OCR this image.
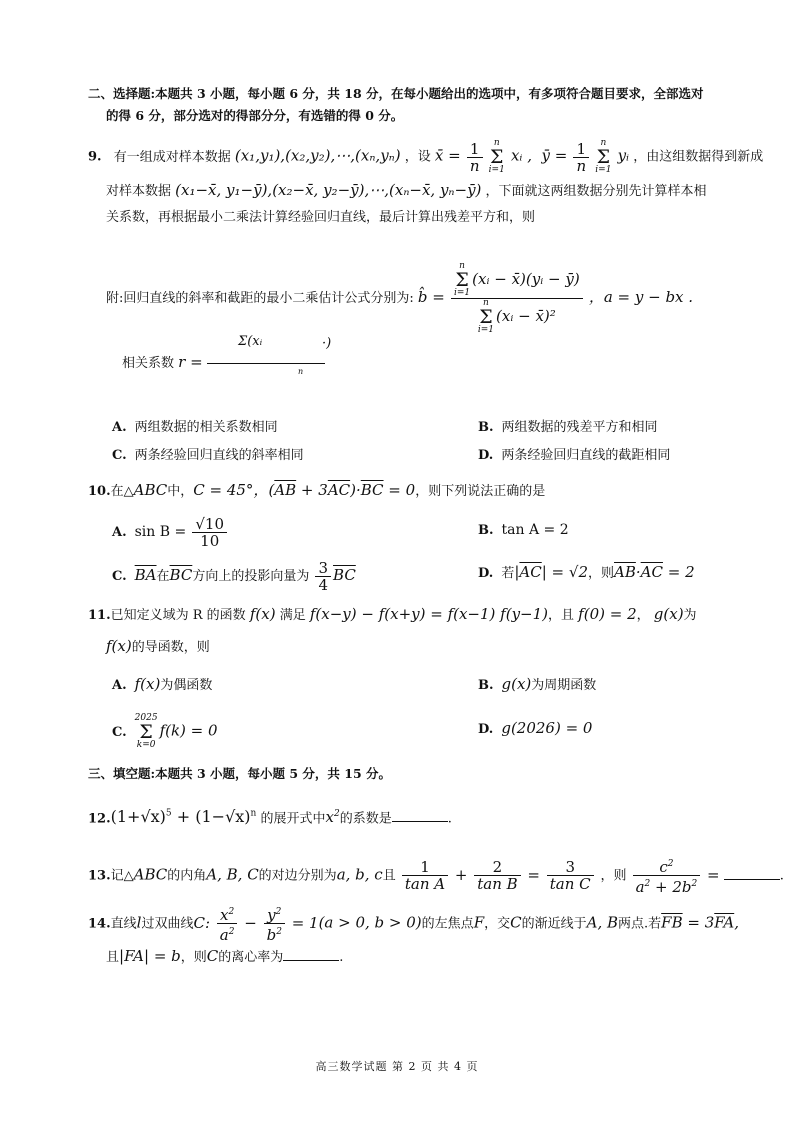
二、选择题:本题共 3 小题，每小题 6 分，共 18 分，在每小题给出的选项中，有多项符合题目要求，全部选对
的得 6 分，部分选对的得部分分，有选错的得 0 分。
9. 有一组成对样本数据 (x₁,y₁),(x₂,y₂),⋯,(xₙ,yₙ) ，设 x̄ = $\frac{1}{n}$ n
Σ
i=1 xᵢ ,  ȳ = $\frac{1}{n}$ n
Σ
i=1 yᵢ ，由这组数据得到新成
对样本数据 (x₁−x̄, y₁−ȳ),(x₂−x̄, y₂−ȳ),⋯,(xₙ−x̄, yₙ−ȳ) ，下面就这两组数据分别先计算样本相
关系数，再根据最小二乘法计算经验回归直线，最后计算出残差平方和，则
附:回归直线的斜率和截距的最小二乘估计公式分别为: b̂ = n
Σ
i=1(xᵢ − x̄)(yᵢ − ȳ)
n
Σ
i=1(xᵢ − x̄)² ，a = y − bx .
相关系数 r =
Σ(xᵢ	·)
n
A. 两组数据的相关系数相同	B. 两组数据的残差平方和相同
C. 两条经验回归直线的斜率相同	D. 两条经验回归直线的截距相同
10.在△ABC中，C = 45°，$(\overline{AB} + 3\overline{AC})\cdot\overline{BC} = 0$，则下列说法正确的是
A. $\sin B = \frac{√10}{10}$	B. tan A = 2
C. $\overline{BA}$在$\overline{BC}$方向上的投影向量为 $\frac{3}{4} \overline{BC}$	D. 若$|\overline{AC}| = √2$，则$\overline{AB}\cdot\overline{AC} = 2$
11.已知定义域为 R 的函数 f(x) 满足 f(x−y) − f(x+y) = f(x−1) f(y−1)，且 f(0) = 2， g(x)为
f(x)的导函数，则
A. f(x)为偶函数	B. g(x)为周期函数
C.2025
Σ
k=0f(k) = 0	D. g(2026) = 0
三、填空题:本题共 3 小题，每小题 5 分，共 15 分。
$12.(1+√x)^5 + (1-√x)^n$ 的展开式中$x^2$的系数是	.
13.记△ABC的内角A, B, C的对边分别为a, b, c且 $\frac{1}{\text{tan A}} + \frac{2}{\text{tan B}} = \frac{3}{\text{tan C}}$ ，则 $\frac{c^2}{a^2 + 2b^2}$ =	.
14.直线l过双曲线C: $\frac{x^2}{a^2} - \frac{y^2}{b^2} = 1(a > 0$, b > 0)的左焦点F，交C的渐近线于A, B两点.若$\overline{FB} = 3\overline{FA}$,
且|FA| = b，则C的离心率为	.
高三数学试题 第 2 页 共 4 页
